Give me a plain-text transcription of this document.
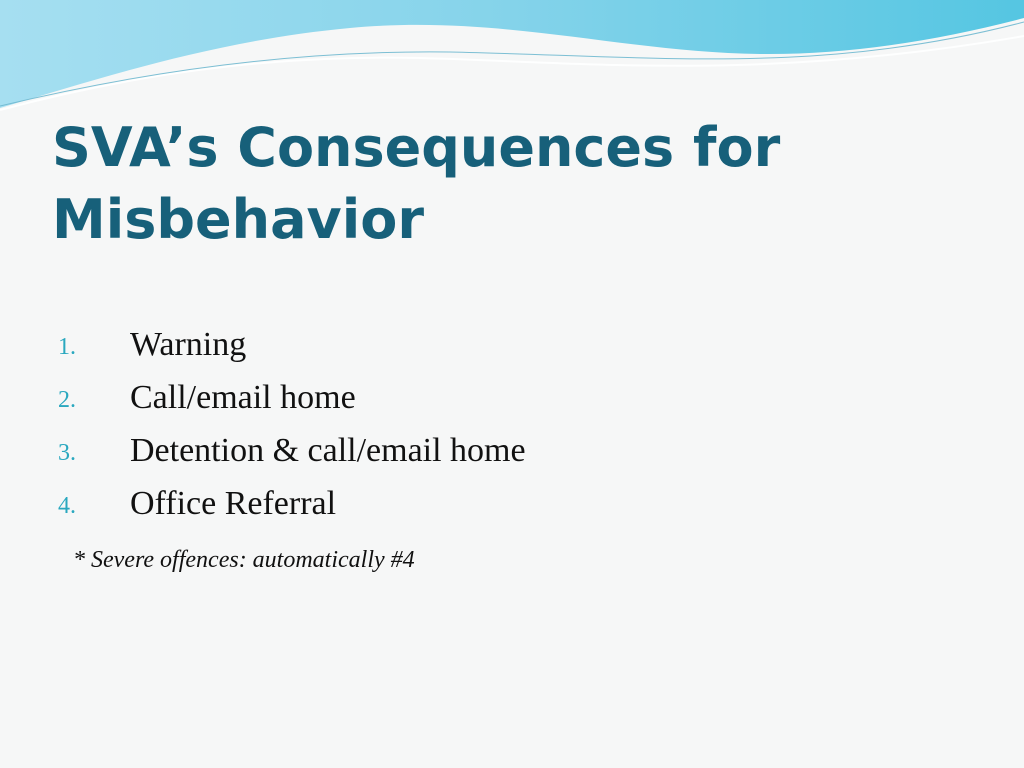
SVA’s Consequences for
Misbehavior
1.	Warning
2.	Call/email home
3.	Detention & call/email home
4.	Office Referral
* Severe offences: automatically #4
